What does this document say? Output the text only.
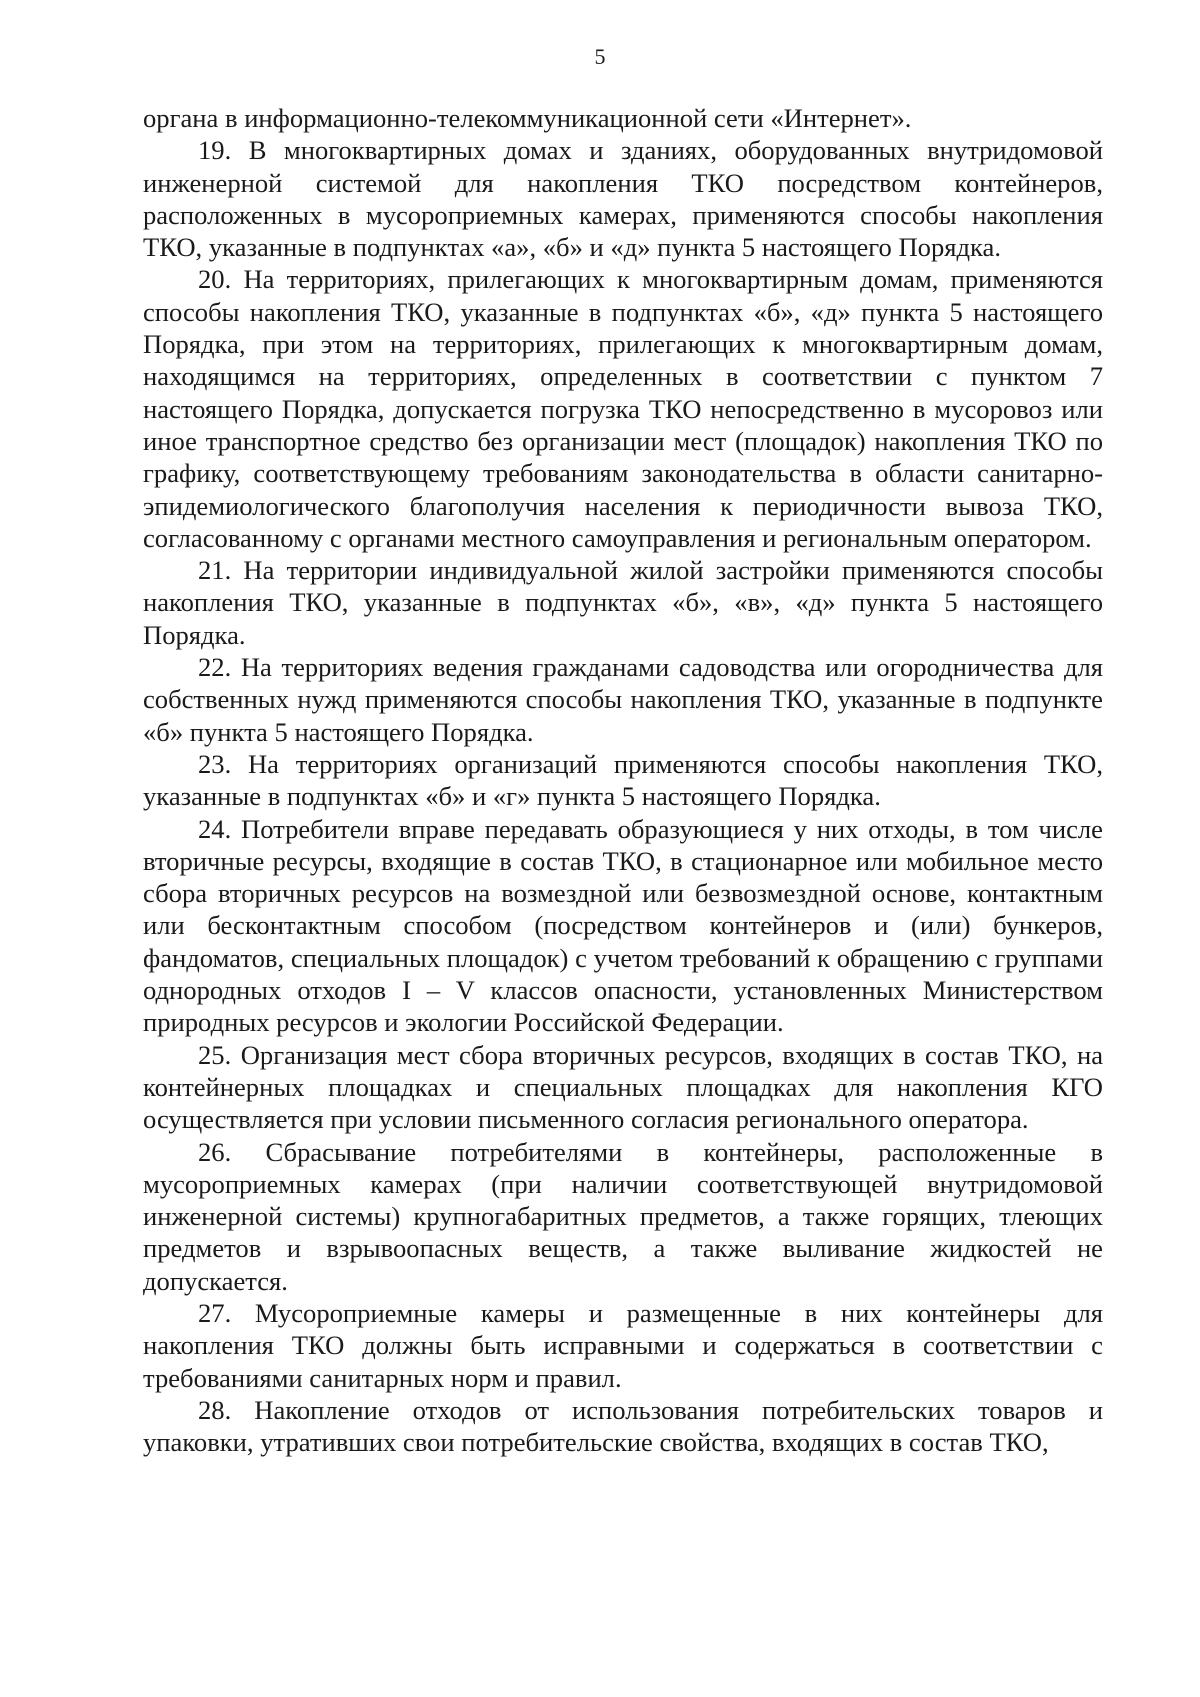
5

органа в информационно-телекоммуникационной сети «Интернет».

19. В многоквартирных домах и зданиях, оборудованных внутридомовой инженерной системой для накопления ТКО посредством контейнеров, расположенных в мусороприемных камерах, применяются способы накопления ТКО, указанные в подпунктах «а», «б» и «д» пункта 5 настоящего Порядка.

20. На территориях, прилегающих к многоквартирным домам, применяются способы накопления ТКО, указанные в подпунктах «б», «д» пункта 5 настоящего Порядка, при этом на территориях, прилегающих к многоквартирным домам, находящимся на территориях, определенных в соответствии с пунктом 7 настоящего Порядка, допускается погрузка ТКО непосредственно в мусоровоз или иное транспортное средство без организации мест (площадок) накопления ТКО по графику, соответствующему требованиям законодательства в области санитарно-эпидемиологического благополучия населения к периодичности вывоза ТКО, согласованному с органами местного самоуправления и региональным оператором.

21. На территории индивидуальной жилой застройки применяются способы накопления ТКО, указанные в подпунктах «б», «в», «д» пункта 5 настоящего Порядка.

22. На территориях ведения гражданами садоводства или огородничества для собственных нужд применяются способы накопления ТКО, указанные в подпункте «б» пункта 5 настоящего Порядка.

23. На территориях организаций применяются способы накопления ТКО, указанные в подпунктах «б» и «г» пункта 5 настоящего Порядка.

24. Потребители вправе передавать образующиеся у них отходы, в том числе вторичные ресурсы, входящие в состав ТКО, в стационарное или мобильное место сбора вторичных ресурсов на возмездной или безвозмездной основе, контактным или бесконтактным способом (посредством контейнеров и (или) бункеров, фандоматов, специальных площадок) с учетом требований к обращению с группами однородных отходов I – V классов опасности, установленных Министерством природных ресурсов и экологии Российской Федерации.

25. Организация мест сбора вторичных ресурсов, входящих в состав ТКО, на контейнерных площадках и специальных площадках для накопления КГО осуществляется при условии письменного согласия регионального оператора.

26. Сбрасывание потребителями в контейнеры, расположенные в мусороприемных камерах (при наличии соответствующей внутридомовой инженерной системы) крупногабаритных предметов, а также горящих, тлеющих предметов и взрывоопасных веществ, а также выливание жидкостей не допускается.

27. Мусороприемные камеры и размещенные в них контейнеры для накопления ТКО должны быть исправными и содержаться в соответствии с требованиями санитарных норм и правил.

28. Накопление отходов от использования потребительских товаров и упаковки, утративших свои потребительские свойства, входящих в состав ТКО,
